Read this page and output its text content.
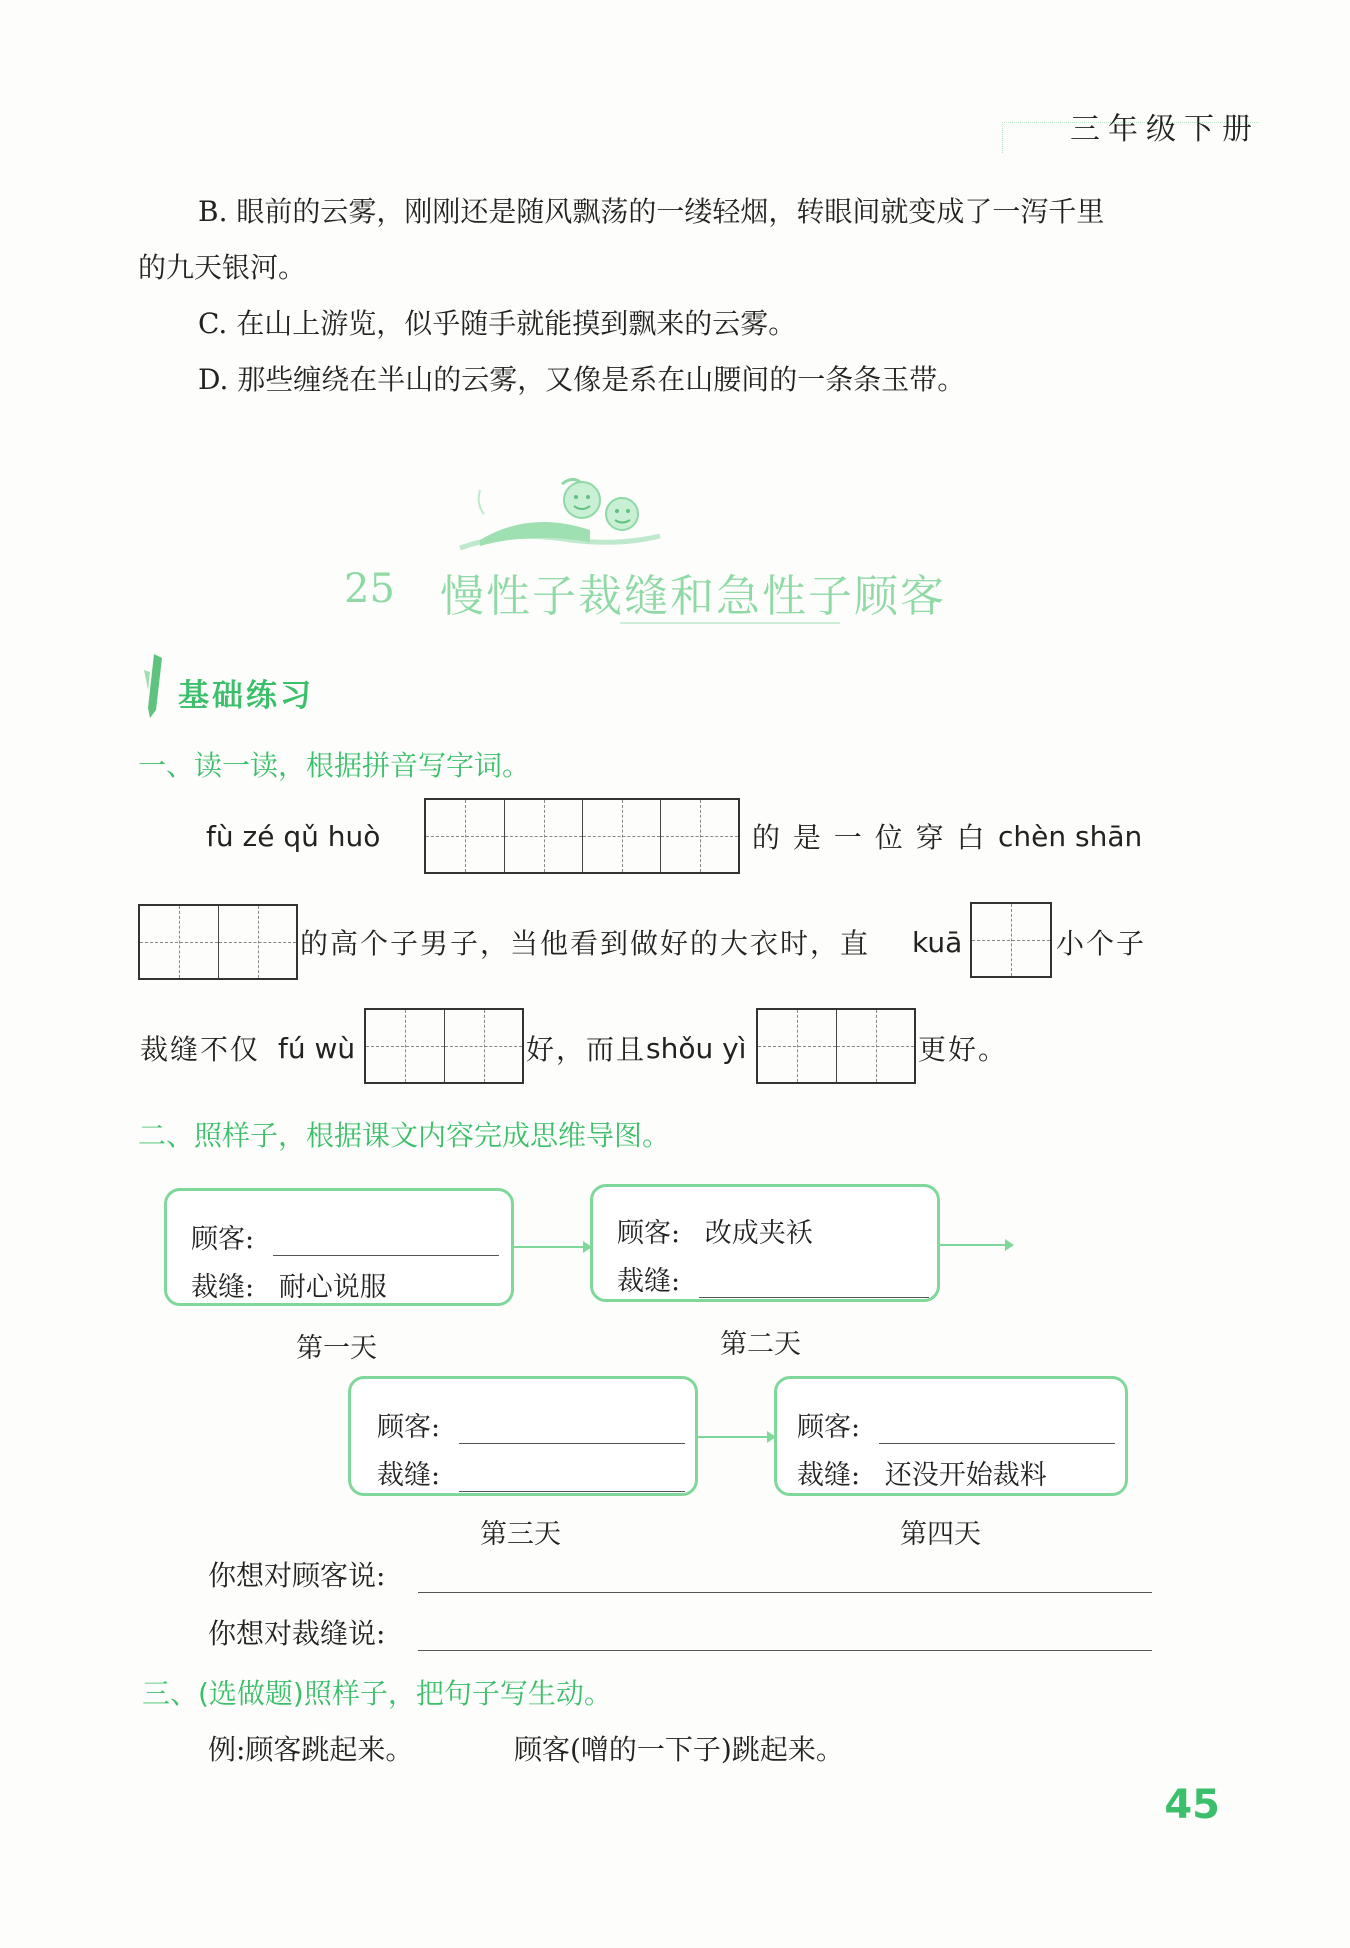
三年级下册
B. 眼前的云雾，刚刚还是随风飘荡的一缕轻烟，转眼间就变成了一泻千里
的九天银河。
C. 在山上游览，似乎随手就能摸到飘来的云雾。
D. 那些缠绕在半山的云雾，又像是系在山腰间的一条条玉带。
25 慢性子裁缝和急性子顾客
基础练习
一、读一读，根据拼音写字词。
fù zé qǔ huò	的 是 一 位 穿 白 chèn shān
的高个子男子，当他看到做好的大衣时，直 kuā	小个子
裁缝不仅 fú wù	好，而且 shǒu yì	更好。
二、照样子，根据课文内容完成思维导图。
顾客:
裁缝: 耐心说服
第一天
顾客: 改成夹袄
裁缝:
第二天
顾客:
裁缝:
第三天
顾客:
裁缝: 还没开始裁料
第四天
你想对顾客说:
你想对裁缝说:
三、(选做题)照样子，把句子写生动。
例:顾客跳起来。	顾客(噌的一下子)跳起来。
45
